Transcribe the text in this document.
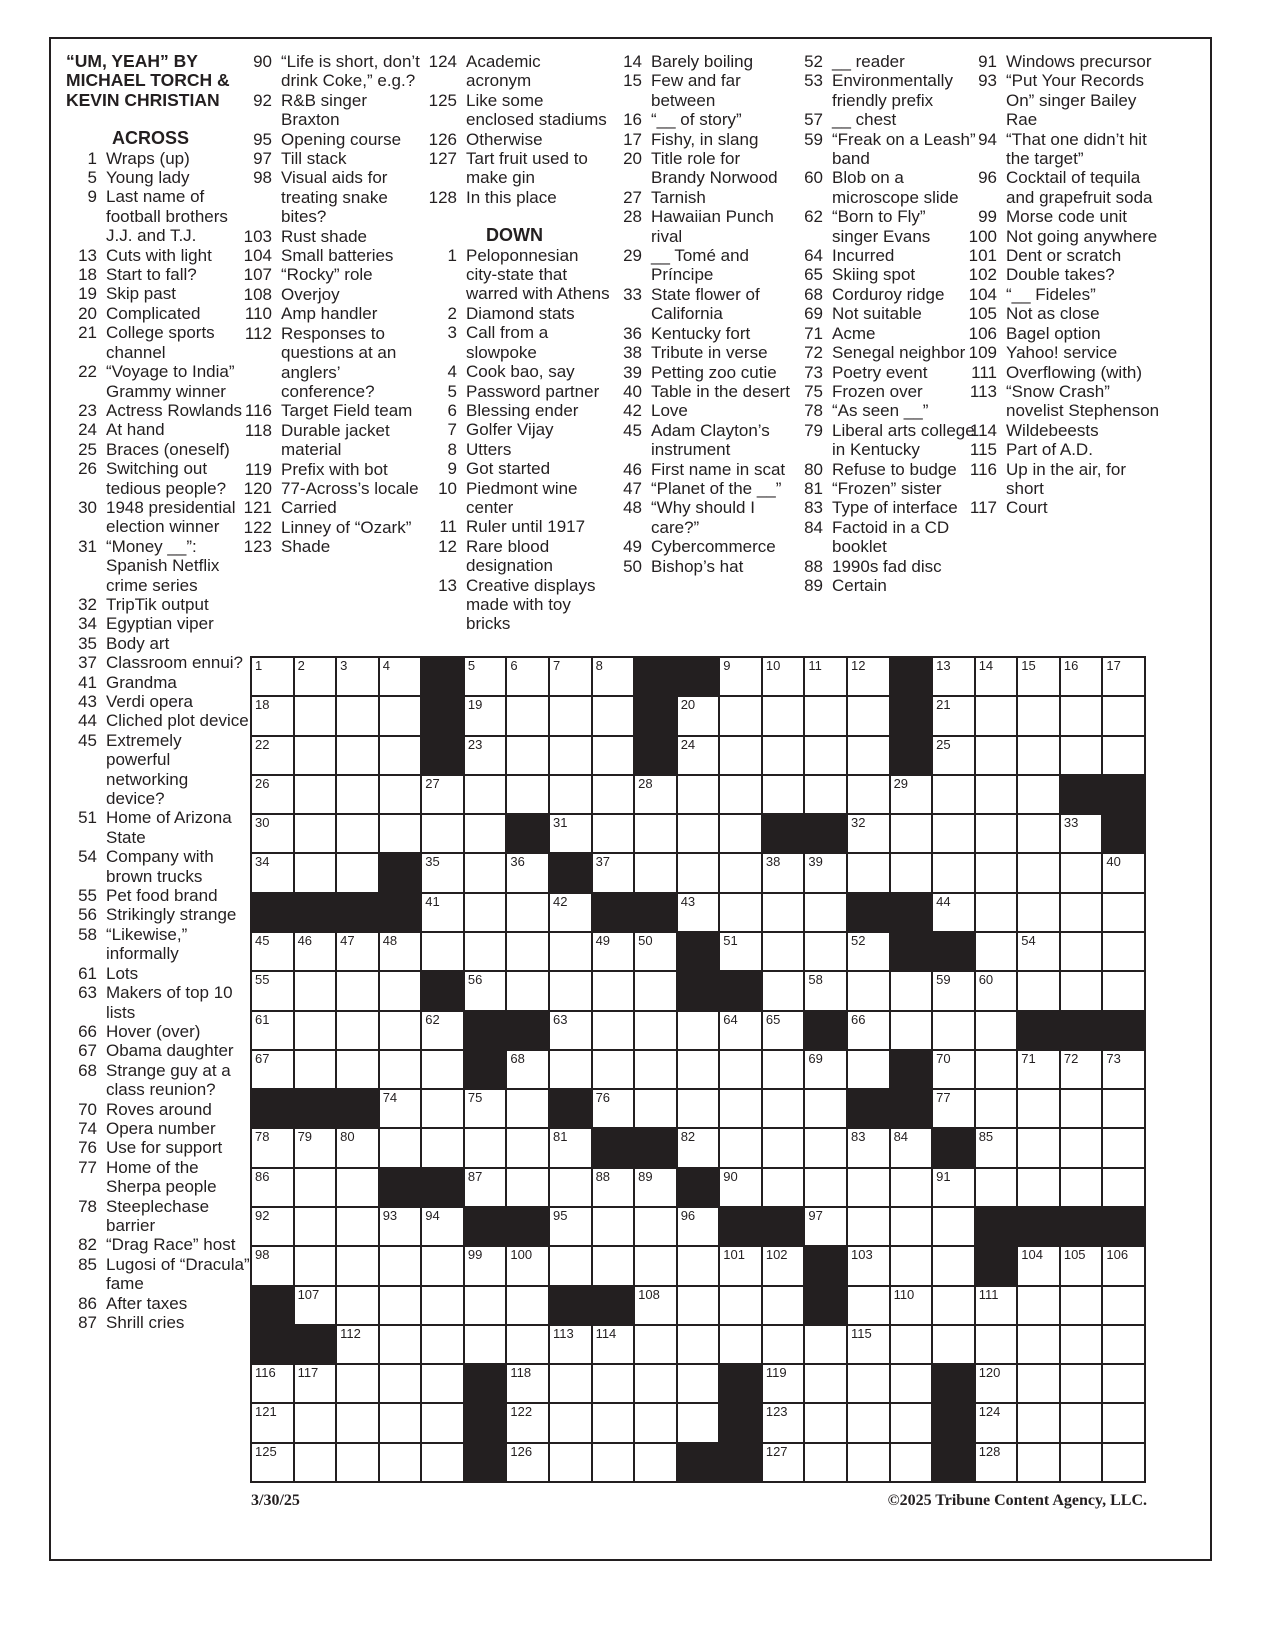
“UM, YEAH” BY
MICHAEL TORCH &
KEVIN CHRISTIAN
ACROSS
1 Wraps (up)
5 Young lady
9 Last name of football brothers J.J. and T.J.
13 Cuts with light
18 Start to fall?
19 Skip past
20 Complicated
21 College sports channel
22 “Voyage to India” Grammy winner
23 Actress Rowlands
24 At hand
25 Braces (oneself)
26 Switching out tedious people?
30 1948 presidential election winner
31 “Money __”: Spanish Netflix crime series
32 TripTik output
34 Egyptian viper
35 Body art
37 Classroom ennui?
41 Grandma
43 Verdi opera
44 Cliched plot device
45 Extremely powerful networking device?
51 Home of Arizona State
54 Company with brown trucks
55 Pet food brand
56 Strikingly strange
58 “Likewise,” informally
61 Lots
63 Makers of top 10 lists
66 Hover (over)
67 Obama daughter
68 Strange guy at a class reunion?
70 Roves around
74 Opera number
76 Use for support
77 Home of the Sherpa people
78 Steeplechase barrier
82 “Drag Race” host
85 Lugosi of “Dracula” fame
86 After taxes
87 Shrill cries
90 “Life is short, don’t drink Coke,” e.g.?
92 R&B singer Braxton
95 Opening course
97 Till stack
98 Visual aids for treating snake bites?
103 Rust shade
104 Small batteries
107 “Rocky” role
108 Overjoy
110 Amp handler
112 Responses to questions at an anglers’ conference?
116 Target Field team
118 Durable jacket material
119 Prefix with bot
120 77-Across’s locale
121 Carried
122 Linney of “Ozark”
123 Shade
124 Academic acronym
125 Like some enclosed stadiums
126 Otherwise
127 Tart fruit used to make gin
128 In this place
DOWN
1 Peloponnesian city-state that warred with Athens
2 Diamond stats
3 Call from a slowpoke
4 Cook bao, say
5 Password partner
6 Blessing ender
7 Golfer Vijay
8 Utters
9 Got started
10 Piedmont wine center
11 Ruler until 1917
12 Rare blood designation
13 Creative displays made with toy bricks
14 Barely boiling
15 Few and far between
16 “__ of story”
17 Fishy, in slang
20 Title role for Brandy Norwood
27 Tarnish
28 Hawaiian Punch rival
29 __ Tomé and Príncipe
33 State flower of California
36 Kentucky fort
38 Tribute in verse
39 Petting zoo cutie
40 Table in the desert
42 Love
45 Adam Clayton’s instrument
46 First name in scat
47 “Planet of the __”
48 “Why should I care?”
49 Cybercommerce
50 Bishop’s hat
52 __ reader
53 Environmentally friendly prefix
57 __ chest
59 “Freak on a Leash” band
60 Blob on a microscope slide
62 “Born to Fly” singer Evans
64 Incurred
65 Skiing spot
68 Corduroy ridge
69 Not suitable
71 Acme
72 Senegal neighbor
73 Poetry event
75 Frozen over
78 “As seen __”
79 Liberal arts college in Kentucky
80 Refuse to budge
81 “Frozen” sister
83 Type of interface
84 Factoid in a CD booklet
88 1990s fad disc
89 Certain
91 Windows precursor
93 “Put Your Records On” singer Bailey Rae
94 “That one didn’t hit the target”
96 Cocktail of tequila and grapefruit soda
99 Morse code unit
100 Not going anywhere
101 Dent or scratch
102 Double takes?
104 “__ Fideles”
105 Not as close
106 Bagel option
109 Yahoo! service
111 Overflowing (with)
113 “Snow Crash” novelist Stephenson
114 Wildebeests
115 Part of A.D.
116 Up in the air, for short
117 Court
1	2	3	4	5	6	7	8	9	10 11 12	13 14 15 16 17
18	19	20	21
22	23	24	25
26	27	28	29
30	31	32	33
34	35	36	37	38 39	40
41	42	43	44
45 46 47 48	49 50	51	52	54
55	56	58	59 60
61	62	63	64 65	66
67	68	69	70	71 72 73
74	75	76	77
78 79 80	81	82	83 84	85
86	87	88 89	90	91
92	93 94	95	96	97
98	99 100	101 102	103	104 105 106
107	108	110	111
112	113 114	115
116 117	118	119	120
121	122	123	124
125	126	127	128
3/30/25	©2025 Tribune Content Agency, LLC.
